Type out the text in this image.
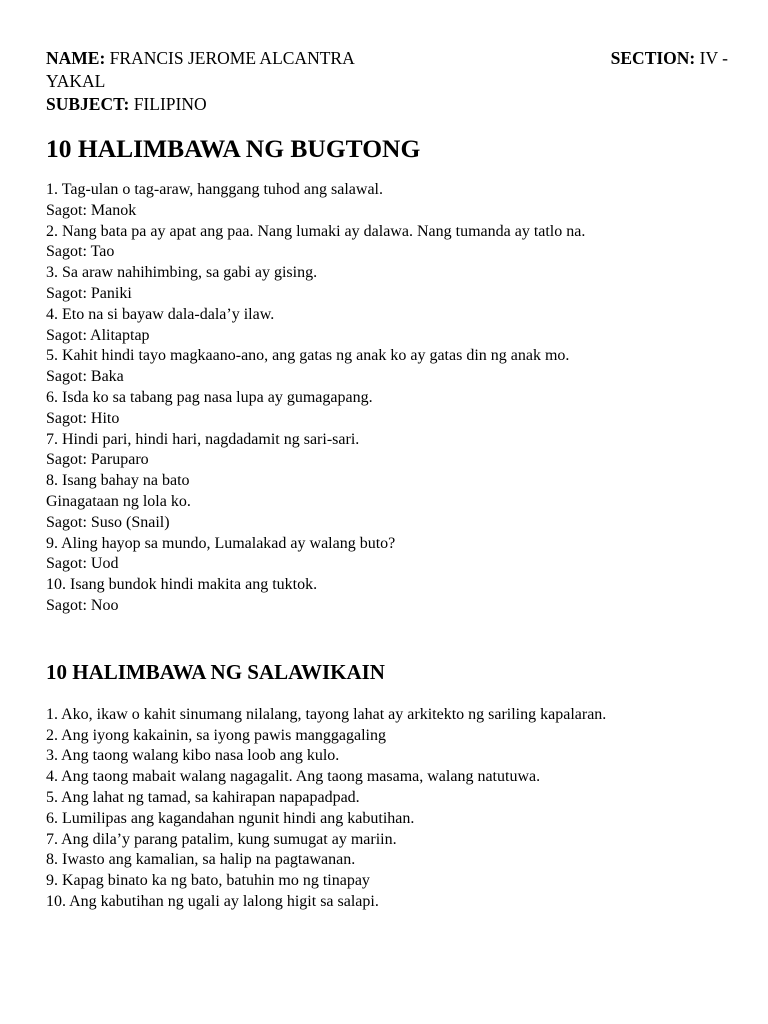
NAME: FRANCIS JEROME ALCANTRA	SECTION: IV -
YAKAL
SUBJECT: FILIPINO
10 HALIMBAWA NG BUGTONG
1. Tag-ulan o tag-araw, hanggang tuhod ang salawal.
Sagot: Manok
2. Nang bata pa ay apat ang paa. Nang lumaki ay dalawa. Nang tumanda ay tatlo na.
Sagot: Tao
3. Sa araw nahihimbing, sa gabi ay gising.
Sagot: Paniki
4. Eto na si bayaw dala-dala’y ilaw.
Sagot: Alitaptap
5. Kahit hindi tayo magkaano-ano, ang gatas ng anak ko ay gatas din ng anak mo.
Sagot: Baka
6. Isda ko sa tabang pag nasa lupa ay gumagapang.
Sagot: Hito
7. Hindi pari, hindi hari, nagdadamit ng sari-sari.
Sagot: Paruparo
8. Isang bahay na bato
Ginagataan ng lola ko.
Sagot: Suso (Snail)
9. Aling hayop sa mundo, Lumalakad ay walang buto?
Sagot: Uod
10. Isang bundok hindi makita ang tuktok.
Sagot: Noo
10 HALIMBAWA NG SALAWIKAIN
1. Ako, ikaw o kahit sinumang nilalang, tayong lahat ay arkitekto ng sariling kapalaran.
2. Ang iyong kakainin, sa iyong pawis manggagaling
3. Ang taong walang kibo nasa loob ang kulo.
4. Ang taong mabait walang nagagalit. Ang taong masama, walang natutuwa.
5. Ang lahat ng tamad, sa kahirapan napapadpad.
6. Lumilipas ang kagandahan ngunit hindi ang kabutihan.
7. Ang dila’y parang patalim, kung sumugat ay mariin.
8. Iwasto ang kamalian, sa halip na pagtawanan.
9. Kapag binato ka ng bato, batuhin mo ng tinapay
10. Ang kabutihan ng ugali ay lalong higit sa salapi.
